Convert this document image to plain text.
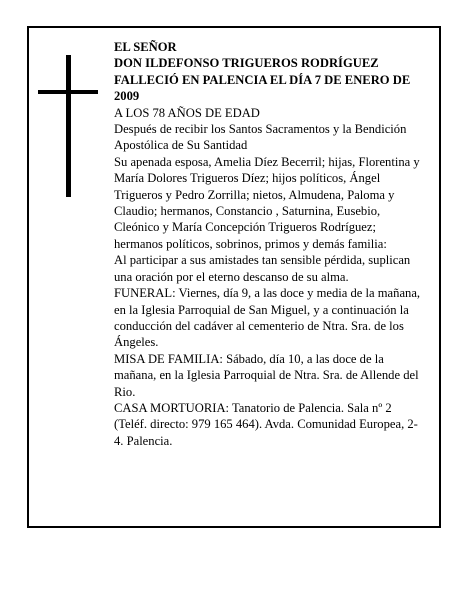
EL SEÑOR

DON ILDEFONSO TRIGUEROS RODRÍGUEZ

FALLECIÓ EN PALENCIA EL DÍA 7 DE ENERO DE 2009

A LOS 78 AÑOS DE EDAD

Después de recibir los Santos Sacramentos y la Bendición Apostólica de Su Santidad

Su apenada esposa, Amelia Díez Becerril; hijas, Florentina y María Dolores Trigueros Díez; hijos políticos, Ángel Trigueros y Pedro Zorrilla; nietos, Almudena, Paloma y Claudio; hermanos, Constancio , Saturnina, Eusebio, Cleónico y María Concepción Trigueros Rodríguez; hermanos políticos, sobrinos, primos y demás familia:

Al participar a sus amistades tan sensible pérdida, suplican una oración por el eterno descanso de su alma.

FUNERAL: Viernes, día 9, a las doce y media de la mañana, en la Iglesia Parroquial de San Miguel, y a continuación la conducción del cadáver al cementerio de Ntra. Sra. de los Ángeles.

MISA DE FAMILIA: Sábado, día 10, a las doce de la mañana, en la Iglesia Parroquial de Ntra. Sra. de Allende del Rio.

CASA MORTUORIA: Tanatorio de Palencia. Sala nº 2 (Teléf. directo: 979 165 464). Avda. Comunidad Europea, 2-4. Palencia.
